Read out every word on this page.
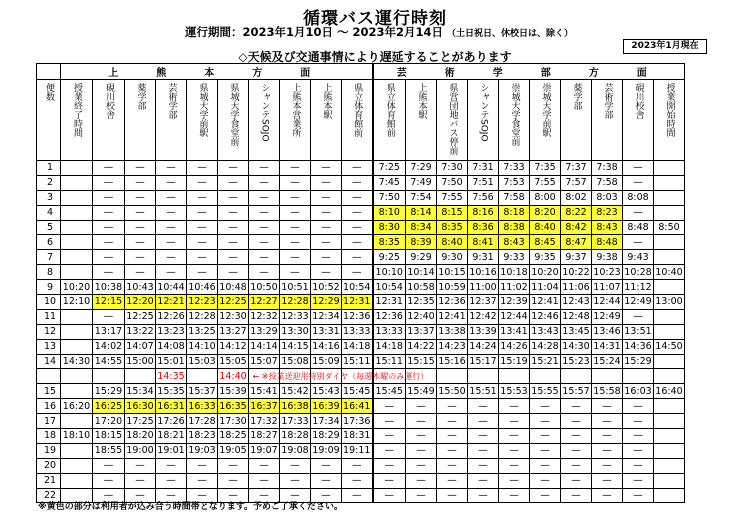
循環バス運行時刻
運行期間：2023年1月10日 〜 2023年2月14日 （土日祝日、休校日は、除く）
2023年1月現在
◇天候及び交通事情により遅延することがあります
	上　熊　本　方　面										芸　術　学　部　方　面									
便数	授業終了時間	硯川校舎	薬学部	芸術学部	県城大学前駅	県城大学食堂前	シャンテSOJO	上熊本営業所	上熊本駅	県立体育館前	県立体育館前	上熊本駅	県営団地バス停前	シャンテSOJO	崇城大学食堂前	崇城大学前駅	薬学部	芸術学部	硯川校舎	授業開始時間
1		—	—	—	—	—	—	—	—	—	7:25	7:29	7:30	7:31	7:33	7:35	7:37	7:38	—	
2		—	—	—	—	—	—	—	—	—	7:45	7:49	7:50	7:51	7:53	7:55	7:57	7:58	—	
3		—	—	—	—	—	—	—	—	—	7:50	7:54	7:55	7:56	7:58	8:00	8:02	8:03	8:08	
4		—	—	—	—	—	—	—	—	—	8:10	8:14	8:15	8:16	8:18	8:20	8:22	8:23	—	
5		—	—	—	—	—	—	—	—	—	8:30	8:34	8:35	8:36	8:38	8:40	8:42	8:43	8:48	8:50
6		—	—	—	—	—	—	—	—	—	8:35	8:39	8:40	8:41	8:43	8:45	8:47	8:48	—	
7		—	—	—	—	—	—	—	—	—	9:25	9:29	9:30	9:31	9:33	9:35	9:37	9:38	9:43	
8		—	—	—	—	—	—	—	—	—	10:10	10:14	10:15	10:16	10:18	10:20	10:22	10:23	10:28	10:40
9	10:20	10:38	10:43	10:44	10:46	10:48	10:50	10:51	10:52	10:54	10:54	10:58	10:59	11:00	11:02	11:04	11:06	11:07	11:12	
10	12:10	12:15	12:20	12:21	12:23	12:25	12:27	12:28	12:29	12:31	12:31	12:35	12:36	12:37	12:39	12:41	12:43	12:44	12:49	13:00
11		—	12:25	12:26	12:28	12:30	12:32	12:33	12:34	12:36	12:36	12:40	12:41	12:42	12:44	12:46	12:48	12:49	—	
12		13:17	13:22	13:23	13:25	13:27	13:29	13:30	13:31	13:33	13:33	13:37	13:38	13:39	13:41	13:43	13:45	13:46	13:51	
13		14:02	14:07	14:08	14:10	14:12	14:14	14:15	14:16	14:18	14:18	14:22	14:23	14:24	14:26	14:28	14:30	14:31	14:36	14:50
14	14:30	14:55	15:00	15:01	15:03	15:05	15:07	15:08	15:09	15:11	15:11	15:15	15:16	15:17	15:19	15:21	15:23	15:24	15:29	
				14:35		14:40														
15		15:29	15:34	15:35	15:37	15:39	15:41	15:42	15:43	15:45	15:45	15:49	15:50	15:51	15:53	15:55	15:57	15:58	16:03	16:40
16	16:20	16:25	16:30	16:31	16:33	16:35	16:37	16:38	16:39	16:41	—	—	—	—	—	—	—	—	—	
17		17:20	17:25	17:26	17:28	17:30	17:32	17:33	17:34	17:36	—	—	—	—	—	—	—	—	—	
18	18:10	18:15	18:20	18:21	18:23	18:25	18:27	18:28	18:29	18:31	—	—	—	—	—	—	—	—	—	
19		18:55	19:00	19:01	19:03	19:05	19:07	19:08	19:09	19:11	—	—	—	—	—	—	—	—	—	
20		—	—	—	—	—	—	—	—	—	—	—	—	—	—	—	—	—	—	
21		—	—	—	—	—	—	—	—	—	—	—	—	—	—	—	—	—	—	
22		—	—	—	—	—	—	—	—	—	—	—	—	—	—	—	—	—	—	
← ※授業送迎用特別ダイヤ（毎週木曜のみ運行）
※黄色の部分は利用者が込み合う時間帯となります。予めご了承ください。
